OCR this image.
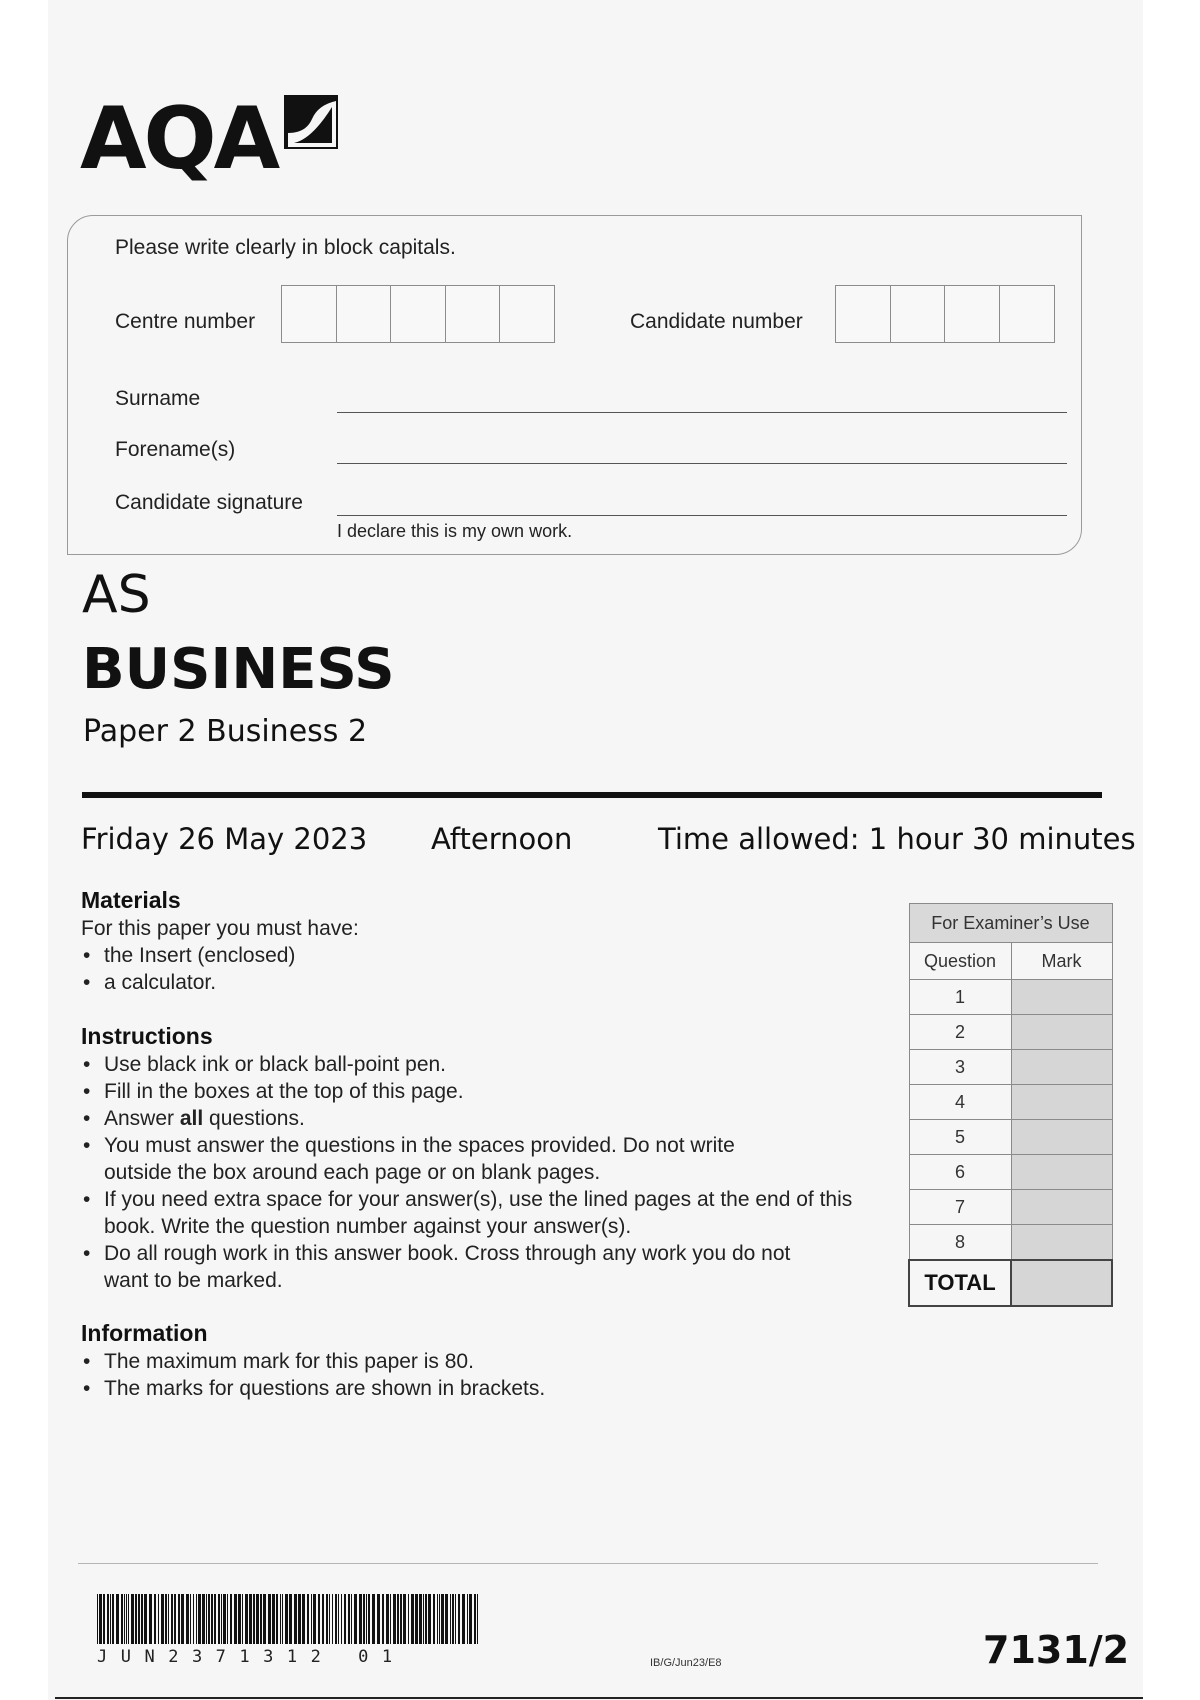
AQA
Please write clearly in block capitals.
Centre number	Candidate number
Surname
Forename(s)
Candidate signature
I declare this is my own work.
AS
BUSINESS
Paper 2 Business 2
Friday 26 May 2023 Afternoon	Time allowed: 1 hour 30 minutes
Materials
For this paper you must have:
• the Insert (enclosed)
• a calculator.
Instructions
• Use black ink or black ball-point pen.
• Fill in the boxes at the top of this page.
• Answer all questions.
• You must answer the questions in the spaces provided. Do not write outside the box around each page or on blank pages.
• If you need extra space for your answer(s), use the lined pages at the end of this book. Write the question number against your answer(s).
• Do all rough work in this answer book. Cross through any work you do not want to be marked.
Information
• The maximum mark for this paper is 80.
• The marks for questions are shown in brackets.
For Examiner’s Use	
Question	Mark
1	
2	
3	
4	
5	
6	
7	
8	
TOTAL	
JUN2371312 01	IB/G/Jun23/E8	7131/2
